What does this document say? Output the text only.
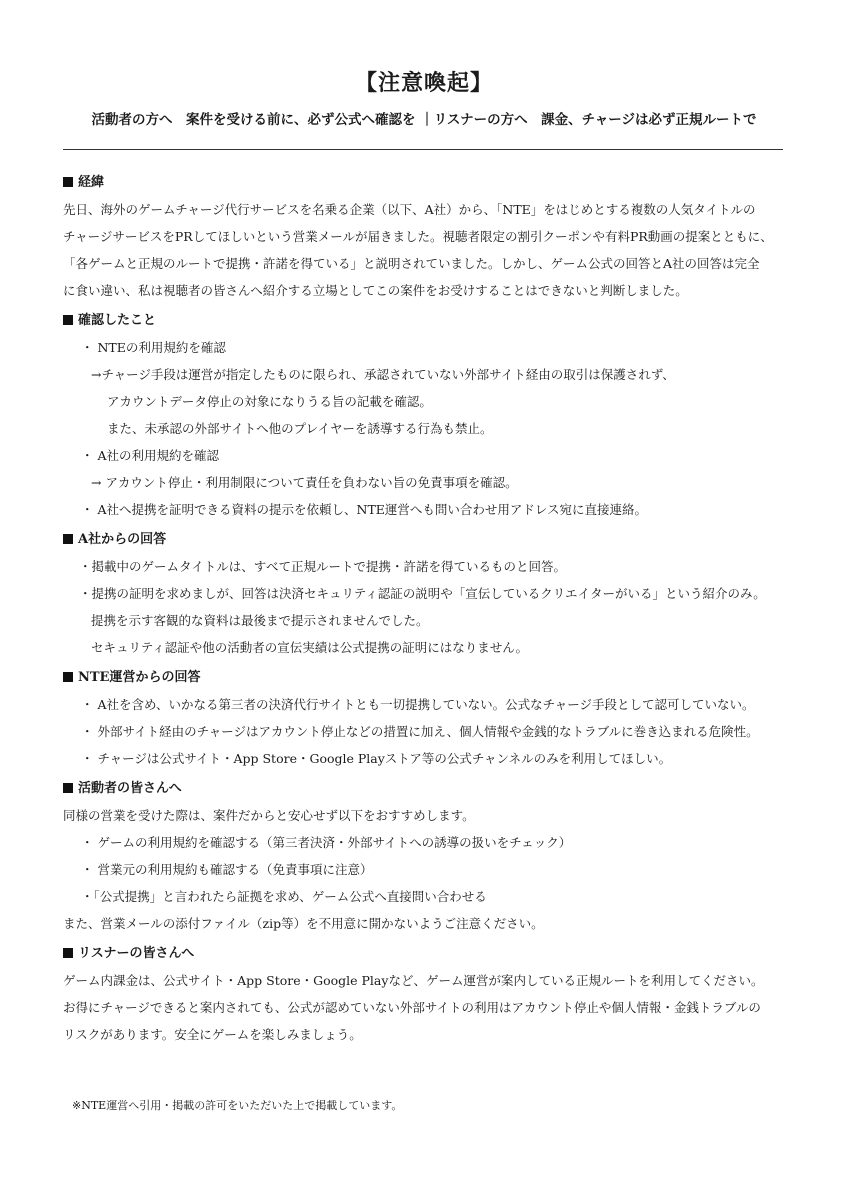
【注意喚起】
活動者の方へ　案件を受ける前に、必ず公式へ確認を ｜リスナーの方へ　課金、チャージは必ず正規ルートで

経緯

先日、海外のゲームチャージ代行サービスを名乗る企業（以下、A社）から、「NTE」をはじめとする複数の人気タイトルの

チャージサービスをPRしてほしいという営業メールが届きました。視聴者限定の割引クーポンや有料PR動画の提案とともに、

「各ゲームと正規のルートで提携・許諾を得ている」と説明されていました。しかし、ゲーム公式の回答とA社の回答は完全

に食い違い、私は視聴者の皆さんへ紹介する立場としてこの案件をお受けすることはできないと判断しました。

確認したこと

・ NTEの利用規約を確認

→チャージ手段は運営が指定したものに限られ、承認されていない外部サイト経由の取引は保護されず、

アカウントデータ停止の対象になりうる旨の記載を確認。

また、未承認の外部サイトへ他のプレイヤーを誘導する行為も禁止。

・ A社の利用規約を確認

→ アカウント停止・利用制限について責任を負わない旨の免責事項を確認。

・ A社へ提携を証明できる資料の提示を依頼し、NTE運営へも問い合わせ用アドレス宛に直接連絡。

A社からの回答

・掲載中のゲームタイトルは、すべて正規ルートで提携・許諾を得ているものと回答。

・提携の証明を求めましが、回答は決済セキュリティ認証の説明や「宣伝しているクリエイターがいる」という紹介のみ。

提携を示す客観的な資料は最後まで提示されませんでした。

セキュリティ認証や他の活動者の宣伝実績は公式提携の証明にはなりません。

NTE運営からの回答

・ A社を含め、いかなる第三者の決済代行サイトとも一切提携していない。公式なチャージ手段として認可していない。

・ 外部サイト経由のチャージはアカウント停止などの措置に加え、個人情報や金銭的なトラブルに巻き込まれる危険性。

・ チャージは公式サイト・App Store・Google Playストア等の公式チャンネルのみを利用してほしい。

活動者の皆さんへ

同様の営業を受けた際は、案件だからと安心せず以下をおすすめします。

・ ゲームの利用規約を確認する（第三者決済・外部サイトへの誘導の扱いをチェック）

・ 営業元の利用規約も確認する（免責事項に注意）

・「公式提携」と言われたら証拠を求め、ゲーム公式へ直接問い合わせる

また、営業メールの添付ファイル（zip等）を不用意に開かないようご注意ください。

リスナーの皆さんへ

ゲーム内課金は、公式サイト・App Store・Google Playなど、ゲーム運営が案内している正規ルートを利用してください。

お得にチャージできると案内されても、公式が認めていない外部サイトの利用はアカウント停止や個人情報・金銭トラブルの

リスクがあります。安全にゲームを楽しみましょう。

※NTE運営へ引用・掲載の許可をいただいた上で掲載しています。
